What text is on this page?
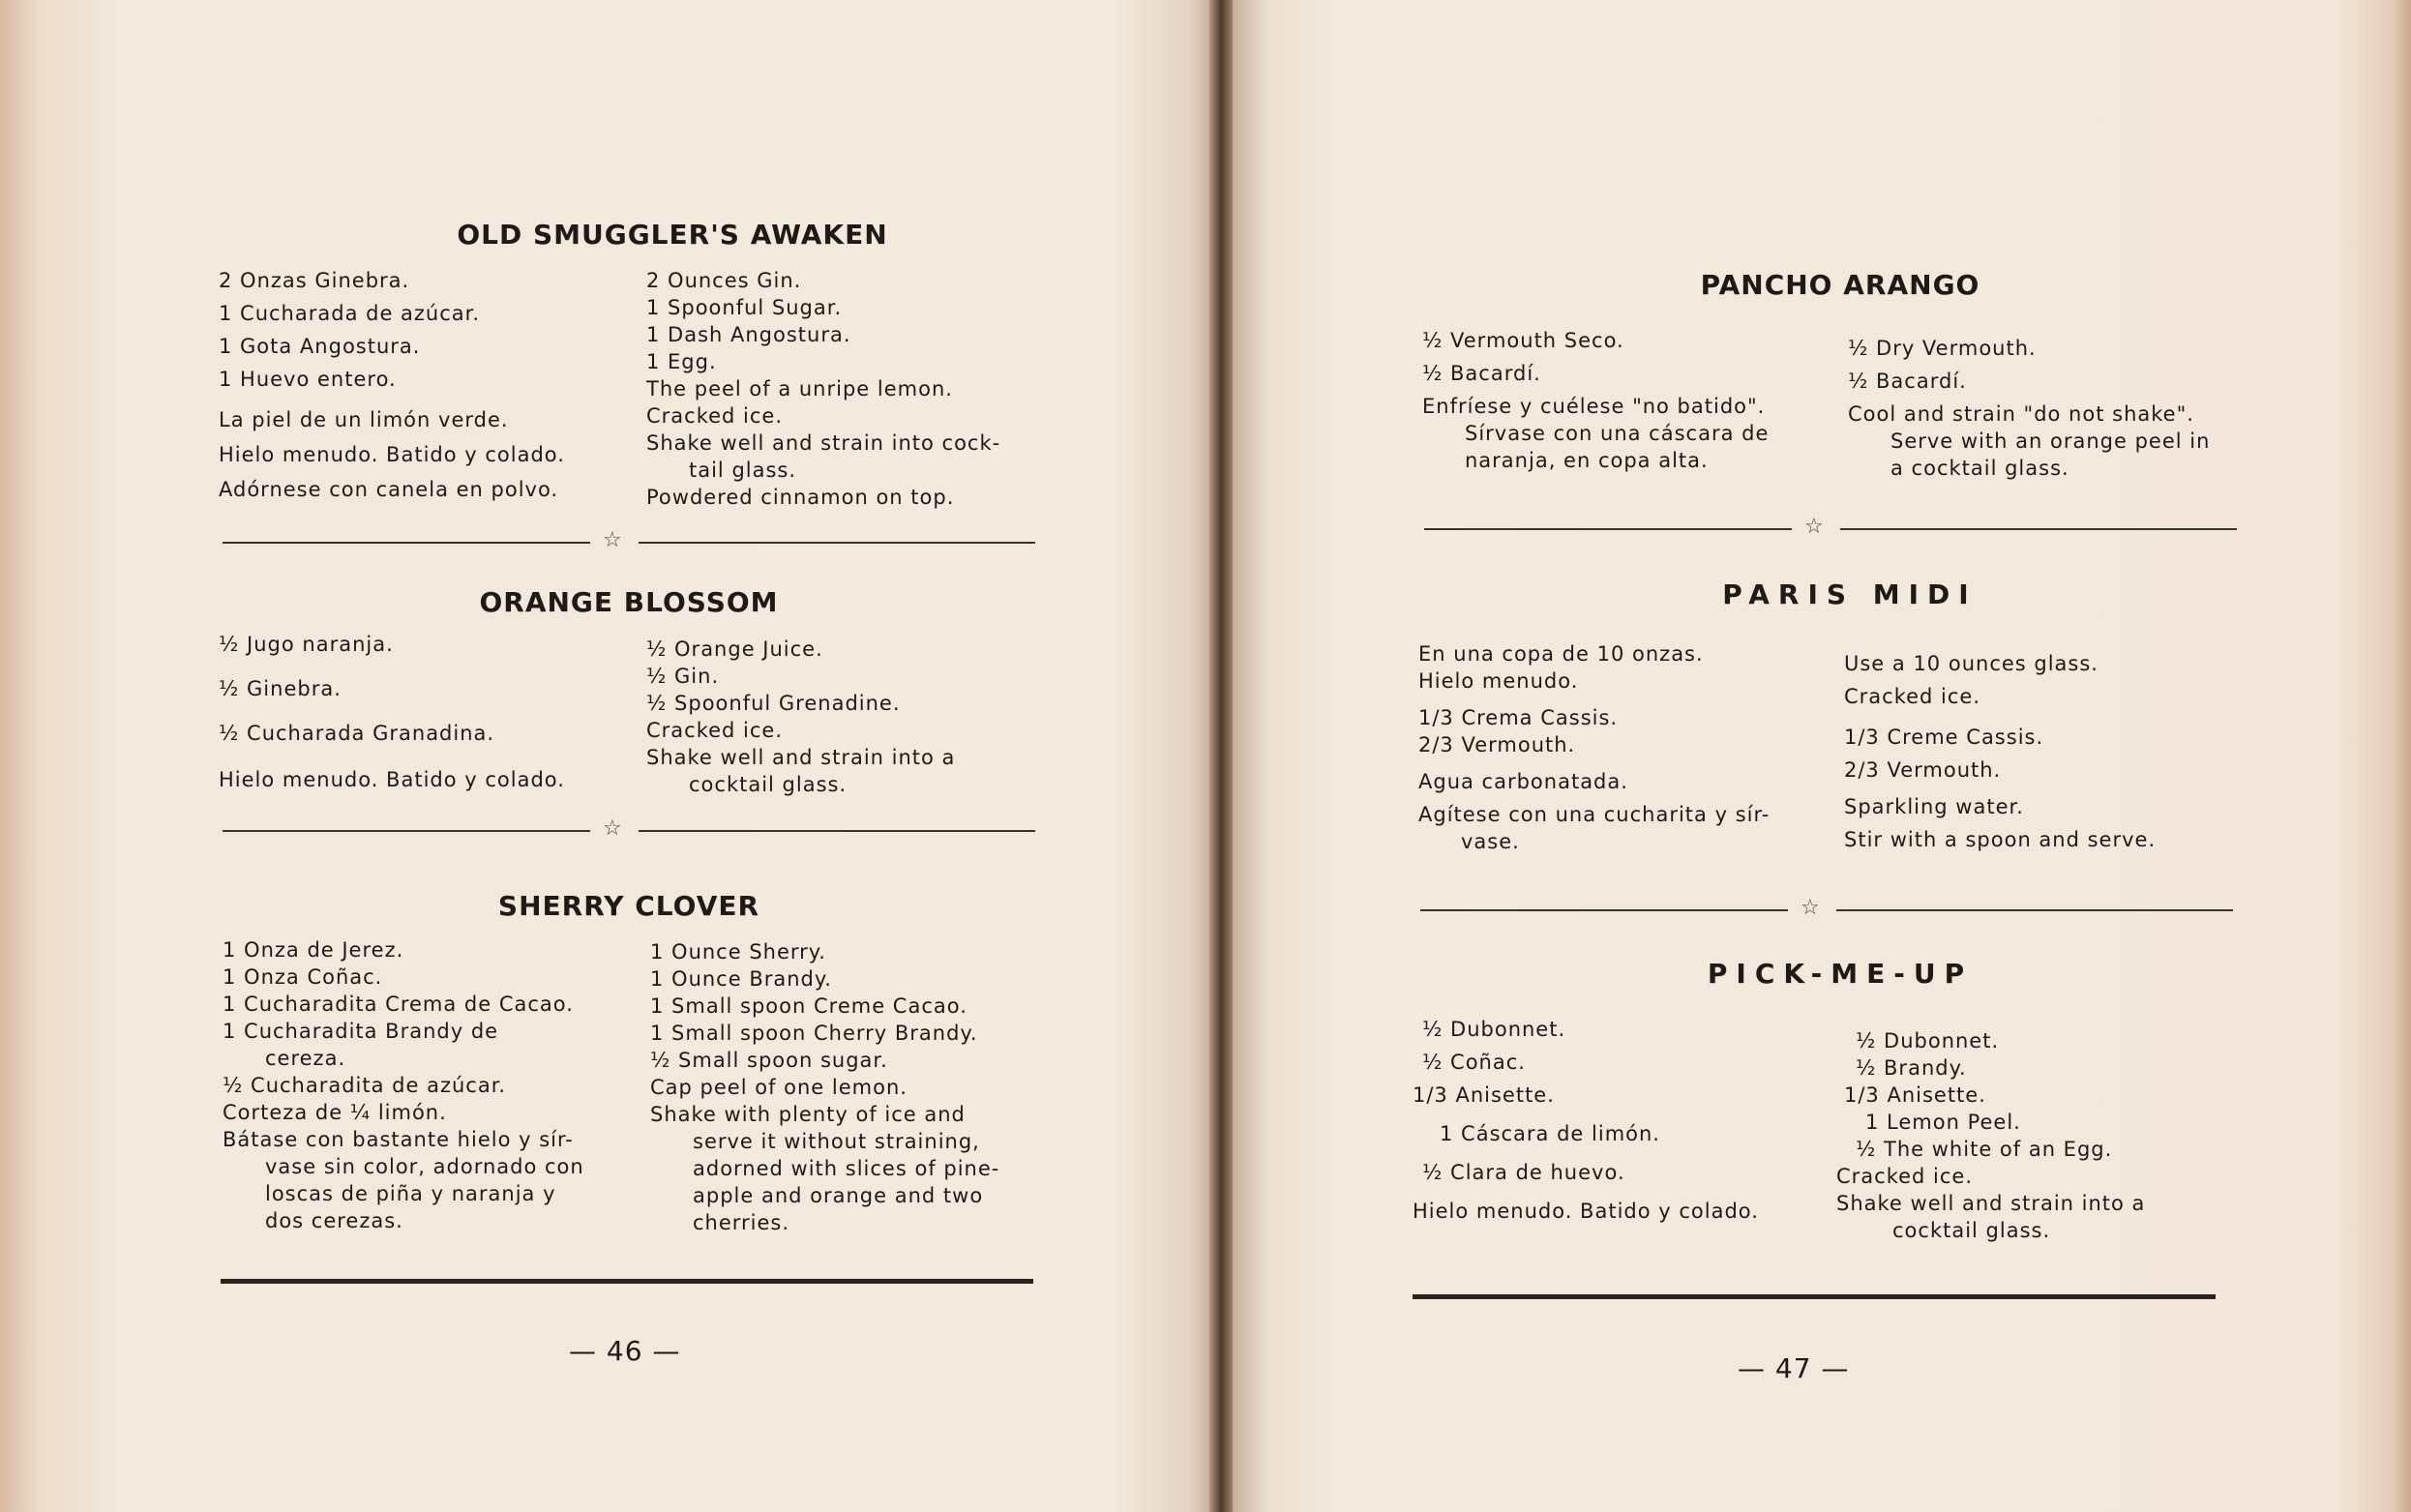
OLD SMUGGLER'S AWAKEN
2 Onzas Ginebra.
1 Cucharada de azúcar.
1 Gota Angostura.
1 Huevo entero.
La piel de un limón verde.
Hielo menudo. Batido y colado.
Adórnese con canela en polvo.
2 Ounces Gin.
1 Spoonful Sugar.
1 Dash Angostura.
1 Egg.
The peel of a unripe lemon.
Cracked ice.
Shake well and strain into cock-
tail glass.
Powdered cinnamon on top.
☆
ORANGE BLOSSOM
½ Jugo naranja.
½ Ginebra.
½ Cucharada Granadina.
Hielo menudo. Batido y colado.
½ Orange Juice.
½ Gin.
½ Spoonful Grenadine.
Cracked ice.
Shake well and strain into a
cocktail glass.
☆
SHERRY CLOVER
1 Onza de Jerez.
1 Onza Coñac.
1 Cucharadita Crema de Cacao.
1 Cucharadita Brandy de
cereza.
½ Cucharadita de azúcar.
Corteza de ¼ limón.
Bátase con bastante hielo y sír-
vase sin color, adornado con
loscas de piña y naranja y
dos cerezas.
1 Ounce Sherry.
1 Ounce Brandy.
1 Small spoon Creme Cacao.
1 Small spoon Cherry Brandy.
½ Small spoon sugar.
Cap peel of one lemon.
Shake with plenty of ice and
serve it without straining,
adorned with slices of pine-
apple and orange and two
cherries.
— 46 —
PANCHO ARANGO
½ Vermouth Seco.
½ Bacardí.
Enfríese y cuélese "no batido".
Sírvase con una cáscara de
naranja, en copa alta.
½ Dry Vermouth.
½ Bacardí.
Cool and strain "do not shake".
Serve with an orange peel in
a cocktail glass.
☆
PARIS MIDI
En una copa de 10 onzas.
Hielo menudo.
1/3 Crema Cassis.
2/3 Vermouth.
Agua carbonatada.
Agítese con una cucharita y sír-
vase.
Use a 10 ounces glass.
Cracked ice.
1/3 Creme Cassis.
2/3 Vermouth.
Sparkling water.
Stir with a spoon and serve.
☆
PICK-ME-UP
½ Dubonnet.
½ Coñac.
1/3 Anisette.
1 Cáscara de limón.
½ Clara de huevo.
Hielo menudo. Batido y colado.
½ Dubonnet.
½ Brandy.
1/3 Anisette.
1 Lemon Peel.
½ The white of an Egg.
Cracked ice.
Shake well and strain into a
cocktail glass.
— 47 —
